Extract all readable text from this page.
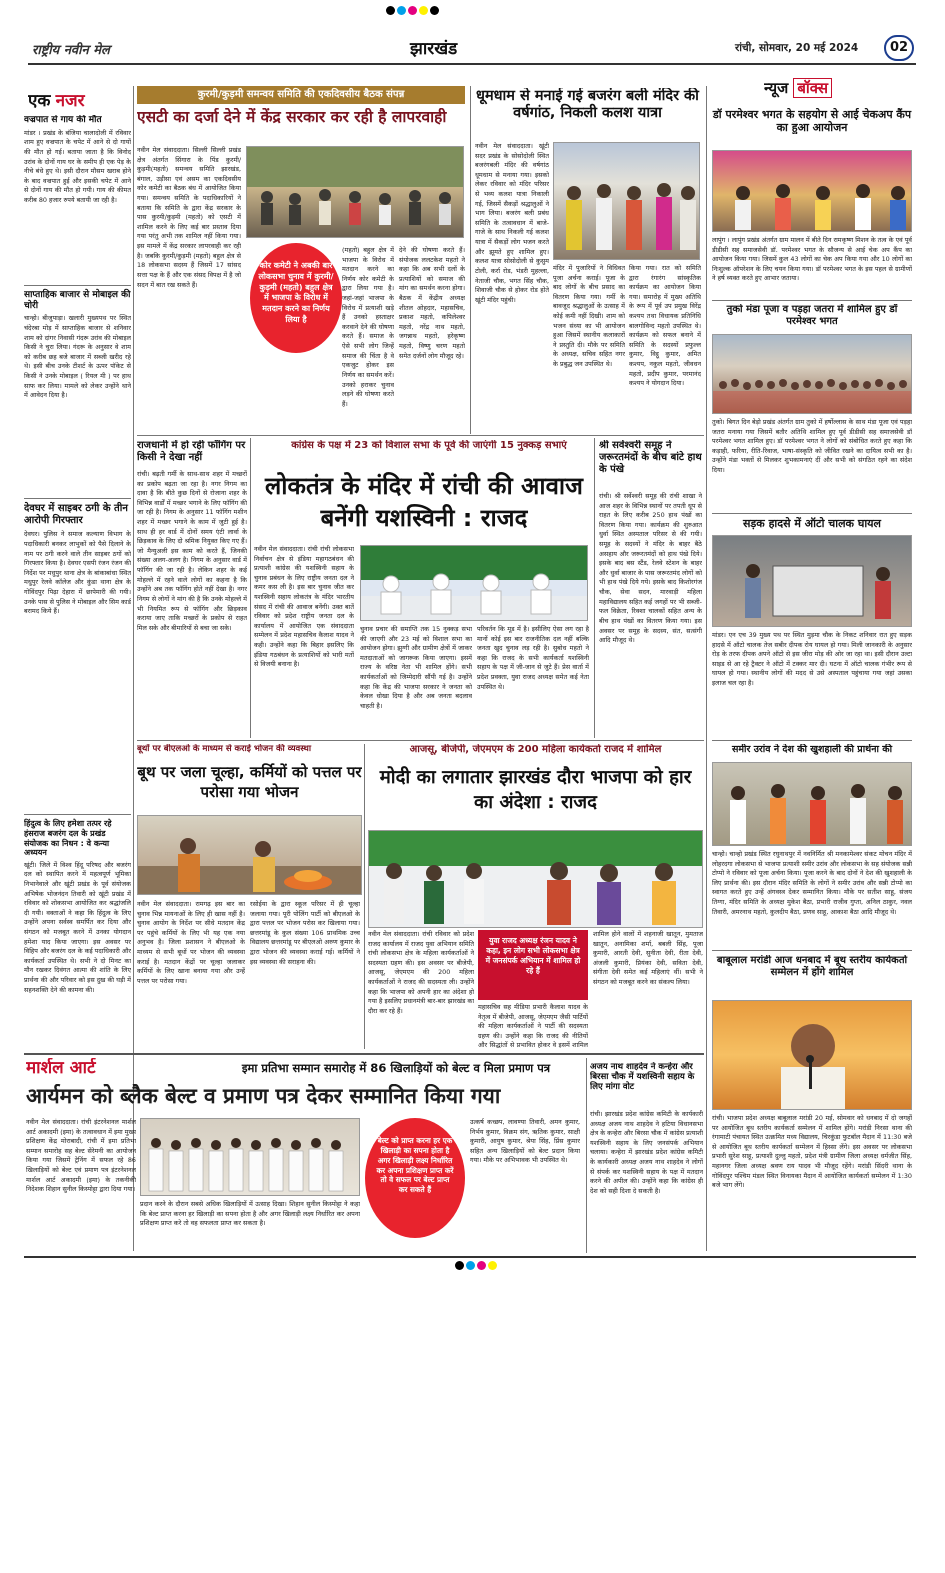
राष्ट्रीय नवीन मेल	झारखंड	रांची, सोमवार, 20 मई 2024	02
एक नजर
वज्रपात से गाय की मौत
मांडर । प्रखंड के बंजिया चालादोली में रविवार शाम हुए वज्रपात के चपेट में आने से दो गायों की मौत हो गई। बताया जाता है कि विनोद उरांव के दोनों गाय घर के समीप ही एक पेड़ के नीचे बंधे हुए थे। इसी दौरान मौसम खराब होने के बाद वज्रपात हुई और इसकी चपेट में आने से दोनों गाय की मौत हो गयी। गाय की कीमत करीब 80 हजार रुपये बतायी जा रही है।
साप्ताहिक बाजार से मोबाइल की चोरी
चान्हो। बीजुपाड़ा। खलारी मुख्यपथ पर स्थित चंदेरबा मोड़ में साप्ताहिक बाजार से शनिवार शाम को दांगर निवासी गंदरू उरांव की मोबाइल किसी ने चुरा लिया। गंदरू के अनुसार वे शाम को करीब छह बजे बाजार में सब्जी खरीद रहे थे। इसी बीच उनके टीशर्ट के ऊपर पॉकेट से किसी ने उनके मोबाइल ( रियल मी ) पर हाथ साफ कर लिया। मामले को लेकर उन्होंने थाने में आवेदन दिया है।
देवघर में साइबर ठगी के तीन आरोपी गिरफ्तार
देवघर। पुलिस ने समाज कल्याण विभाग के पदाधिकारी बनकर लाभुकों को पैसे दिलाने के नाम पर ठगी करने वाले तीन साइबर ठगों को गिरफ्तार किया है। देवघर एसपी रंजन रंजन की निर्देश पर मधुपुर थाना क्षेत्र के बांकाबांधा स्थित मधुपुर रेलवे कॉलेज और कुंडा थाना क्षेत्र के गोविंदपुर पिढ़ा देहारा में छापेमारी की गयी। उनके पास से पुलिस ने मोबाइल और सिम कार्ड बरामद किये हैं।
हिंदुत्व के लिए हमेशा तत्पर रहे हंसराज बजरंग दल के प्रखंड संयोजक का निधन : वे कन्या अध्ययन
खूंटी। जिले में विश्व हिंदू परिषद और बजरंग दल को स्थापित करने में महत्वपूर्ण भूमिका निभानेवाले और खूंटी प्रखंड के पूर्व संयोजक अभिषेक भोजनंदन तिवारी को खूंटी प्रखंड में रविवार को शोकसभा आयोजित कर श्रद्धांजलि दी गयी। वक्ताओं ने कहा कि हिंदुत्व के लिए उन्होंने अपना सर्वस्व समर्पित कर दिया और संगठन को मजबूत करने में उनका योगदान हमेशा याद किया जाएगा। इस अवसर पर विहिप और बजरंग दल के कई पदाधिकारी और कार्यकर्ता उपस्थित थे। सभी ने दो मिनट का मौन रखकर दिवंगत आत्मा की शांति के लिए प्रार्थना की और परिवार को इस दुख की घड़ी में सहनशक्ति देने की कामना की।
कुरमी/कुड़मी समन्वय समिति की एकदिवसीय बैठक संपन्न
एसटी का दर्जा देने में केंद्र सरकार कर रही है लापरवाही
नवीन मेल संवाददाता। सिल्ली सिल्ली प्रखंड क्षेत्र अंतर्गत सिंगारा के पिंड कुरमी/कुड़मी(महतो) समन्वय समिति झारखंड, बंगाल, उड़ीसा एवं असम का एकदिवसीय कोर कमेटी का बैठक बंध में आयोजित किया गया। समन्वय समिति के पदाधिकारियों ने बताया कि समिति के द्वारा केंद्र सरकार के पास कुरमी/कुड़मी (महतो) को एसटी में शामिल करने के लिए कई बार प्रस्ताव दिया गया परंतु अभी तक शामिल नहीं किया गया। इस मामले में केंद्र सरकार लापरवाही कर रही है। जबकि कुरमी/कुड़मी (महतो) बहुल क्षेत्र से 18 लोकसभा सदस्य हैं जिसमें 17 सांसद सत्ता पक्ष के हैं और एक संसद विपक्ष में है जो सदन में बात रख सकते हैं।
कोर कमेटी ने अबकी बार लोकसभा चुनाव में कुरमी/कुड़मी (महतो) बहुल क्षेत्र में भाजपा के विरोध में मतदान करने का निर्णय लिया है
(महतो) बहुल क्षेत्र में भाजपा के विरोध में मतदान करने का निर्णय कोर कमेटी के द्वारा लिया गया है। जहां-जहां भाजपा के विरोध में प्रत्याशी खड़े हैं उनको हस्ताक्षर करवाने देने की घोषणा करते हैं। समाज के ऐसे सभी लोग जिन्हें समाज की चिंता है वे एकजुट होकर इस निर्णय का समर्थन करें। उनको हराकर चुनाव लड़ने की घोषणा करते हैं।
देने की घोषणा करते हैं। संयोजक ललटकेश महतो ने कहा कि अब सभी दलों के प्रत्याशियों को समाज की मांग का समर्थन करना होगा। बैठक में केंद्रीय अध्यक्ष शीतल ओहदार, महासचिव, प्रकाश महतो, कपिलेश्वर महतो, नरेंद्र नाथ महतो, जगन्नाथ महतो, हरेकृष्ण महतो, विष्णु चरण महतो समेत दर्जनों लोग मौजूद रहे।
धूमधाम से मनाई गई बजरंग बली मंदिर की वर्षगांठ, निकली कलश यात्रा
नवीन मेल संवाददाता। खूंटी सदर प्रखंड के सोसोदोली स्थित बजरंगबली मंदिर की वर्षगांठ धूमधाम से मनाया गया। इसको लेकर रविवार को मंदिर परिसर से भव्य कलश यात्रा निकाली गई, जिसमें सैकड़ों श्रद्धालुओं ने भाग लिया। बजरंग बली प्रबंध समिति के तत्वावधान में बाजे-गाजे के साथ निकली गई कलश यात्रा में सैकड़ों लोग भजन करते और झूमते हुए शामिल हुए। कलश यात्रा सोसोदोली से कुसुम टोली, कर्रा रोड, भंडरी मुहल्ला, नेताजी चौक, भगत सिंह चौक, शिवाजी चौक से होकर रोड होते खूंटी मंदिर पहुंची।
मंदिर में पुजारियों ने विधिवत पूजा अर्चना कराई। पूजा के बाद लोगों के बीच प्रसाद का वितरण किया गया। गर्मी के बावजूद श्रद्धालुओं के उत्साह में कोई कमी नहीं दिखी। शाम को भजन संध्या का भी आयोजन हुआ जिसमें स्थानीय कलाकारों ने प्रस्तुति दी। मौके पर समिति के अध्यक्ष, सचिव सहित नगर के प्रबुद्ध जन उपस्थित थे।
किया गया। रात को समिति द्वारा रंगारंग सांस्कृतिक कार्यक्रम का आयोजन किया गया। समारोह में मुख्य अतिथि के रूप में पूर्व उप प्रमुख विरेंद्र कश्यप तथा विधायक प्रतिनिधि बालगोविन्द महतो उपस्थित थे। कार्यक्रम को सफल बनाने में समिति के सदस्यों प्रफुल्ल कुमार, विट्ठू कुमार, अमित कश्यप, नकुल महतो, जीवधन महतो, प्रदीप कुमार, परमानंद कश्यप ने योगदान दिया।
राजधानी में हो रही फॉगिंग पर किसी ने देखा नहीं
रांची। बढ़ती गर्मी के साथ-साथ शहर में मच्छरों का प्रकोप बढ़ता जा रहा है। नगर निगम का दावा है कि बीते कुछ दिनों से रोजाना शहर के विभिन्न वार्डों में मच्छर भगाने के लिए फॉगिंग की जा रही है। निगम के अनुसार 11 फॉगिंग मशीन शहर में मच्छर भगाने के काम में जुटी हुई है। साथ ही हर वार्ड में दोनों समय एंटी लार्वा के छिड़काव के लिए दो श्रमिक नियुक्त किए गए हैं। जो मैन्युअली इस काम को करते हैं, जिनकी संख्या अलग-अलग है। निगम के अनुसार वार्ड में फॉगिंग की जा रही है। लेकिन शहर के कई मोहल्ले में रहने वाले लोगों का कहना है कि उन्होंने अब तक फॉगिंग होते नहीं देखा है। नगर निगम से लोगों ने मांग की है कि उनके मोहल्ले में भी नियमित रूप से फॉगिंग और छिड़काव कराया जाए ताकि मच्छरों के प्रकोप से राहत मिल सके और बीमारियों से बचा जा सके।
कांग्रेस के पक्ष में 23 को विशाल सभा के पूर्व की जाएंगी 15 नुक्कड़ सभाएं
लोकतंत्र के मंदिर में रांची की आवाज बनेंगी यशस्विनी : राजद
नवीन मेल संवाददाता। रांची रांची लोकसभा निर्वाचन क्षेत्र से इंडिया महागठबंधन की प्रत्याशी कांग्रेस की यशस्विनी सहाय के चुनाव प्रबंधन के लिए राष्ट्रीय जनता दल ने कमर कस ली है। इस बार चुनाव जीत कर यशस्विनी सहाय लोकतंत्र के मंदिर भारतीय संसद में रांची की आवाज बनेंगी। उक्त बातें रविवार को प्रदेश राष्ट्रीय जनता दल के कार्यालय में आयोजित एक संवाददाता सम्मेलन में प्रदेश महासचिव कैलाश यादव ने कही। उन्होंने कहा कि बिहार इसलिए कि इंडिया गठबंधन के प्रत्याशियों को भारी मतों से विजयी बनाना है।
चुनाव प्रचार की समाप्ति तक 15 नुक्कड़ सभा की जाएगी और 23 मई को विशाल सभा का आयोजन होगा। झुग्गी और ग्रामीण क्षेत्रों में जाकर मतदाताओं को जागरूक किया जाएगा। इसमें राज्य के वरिष्ठ नेता भी शामिल होंगे। सभी कार्यकर्ताओं को जिम्मेदारी सौंपी गई है। उन्होंने कहा कि केंद्र की भाजपा सरकार ने जनता को केवल धोखा दिया है और अब जनता बदलाव चाहती है।
परिवर्तन कि मूड में है। इसीलिए ऐसा लग रहा है मानों कोई इस बार राजनीतिक दल नहीं बल्कि जनता खुद चुनाव लड़ रही है। सुबोध महतो ने कहा कि राजद के सभी कार्यकर्ता यशस्विनी सहाय के पक्ष में जी-जान से जुटे हैं। प्रेस वार्ता में प्रदेश प्रवक्ता, युवा राजद अध्यक्ष समेत कई नेता उपस्थित थे।
श्री सर्वेश्वरी समूह ने जरूरतमंदों के बीच बांटे हाथ के पंखे
रांची। श्री सर्वेश्वरी समूह की रांची शाखा ने आज शहर के विभिन्न स्थानों पर तपती धूप से राहत के लिए करीब 250 हाथ पंखों का वितरण किया गया। कार्यक्रम की शुरुआत धुर्वा स्थित अस्पताल परिसर से की गयी। समूह के सदस्यों ने मंदिर के बाहर बैठे असहाय और जरूरतमंदों को हाथ पंखे दिये। इसके बाद बस स्टैंड, रेलवे स्टेशन के बाहर और धुर्वा बाजार के पास जरूरतमंद लोगों को भी हाथ पंखे दिये गये। इसके बाद किशोरगंज चौक, सेवा सदन, मारवाड़ी महिला महाविद्यालय सहित कई जगहों पर भी सब्जी-फल विक्रेता, रिक्शा चालकों सहित अन्य के बीच हाथ पंखों का वितरण किया गया। इस अवसर पर समूह के सदस्य, संत, सत्संगी आदि मौजूद थे।
बूथों पर बीएलओ के माध्यम से कराई भोजन की व्यवस्था
बूथ पर जला चूल्हा, कर्मियों को पत्तल पर परोसा गया भोजन
नवीन मेल संवाददाता। रामगढ़ इस बार का चुनाव भिन्न मायनाओं के लिए ही खास नहीं है। चुनाव आयोग के निर्देश पर सीधे मतदान केंद्र पर पहुंचे कर्मियों के लिए भी यह एक नया अनुभव है। जिला प्रशासन ने बीएलओ के माध्यम से सभी बूथों पर भोजन की व्यवस्था कराई है। मतदान केंद्रों पर चूल्हा जलाकर कर्मियों के लिए खाना बनाया गया और उन्हें पत्तल पर परोसा गया।
रसोईया के द्वारा स्कूल परिसर में ही चूल्हा जलाया गया। पूरी पोलिंग पार्टी को बीएलओ के द्वारा पत्तल पर भोजन परोस कर खिलाया गया। छत्तरमांडू के कुल संख्या 106 प्राथमिक उच्च विद्यालय छत्तरमांडू पर बीएलओ अरुण कुमार के द्वारा भोजन की व्यवस्था कराई गई। कर्मियों ने इस व्यवस्था की सराहना की।
आजसू, बीजेपी, जेएमएम के 200 महिला कार्यकर्ता राजद में शामिल
मोदी का लगातार झारखंड दौरा भाजपा को हार का अंदेशा : राजद
युवा राजद अध्यक्ष रंजन यादव ने कहा, इन लोग सभी लोकसभा क्षेत्र में जनसंपर्क अभियान में शामिल हो रहे हैं
नवीन मेल संवाददाता। रांची रविवार को प्रदेश राजद कार्यालय में राजद युवा अभियान समिति रांची लोकसभा क्षेत्र के महिला कार्यकर्ताओं ने सदस्यता ग्रहण की। इस अवसर पर बीजेपी, आजसू, जेएमएम की 200 महिला कार्यकर्ताओं ने राजद की सदस्यता ली। उन्होंने कहा कि भाजपा को अपनी हार का अंदेशा हो गया है इसलिए प्रधानमंत्री बार-बार झारखंड का दौरा कर रहे हैं।	महासचिव सह मीडिया प्रभारी कैलाश यादव के नेतृत्व में बीजेपी, आजसू, जेएमएम जैसी पार्टियों की महिला कार्यकर्ताओं ने पार्टी की सदस्यता ग्रहण की। उन्होंने कहा कि राजद की नीतियों और सिद्धांतों से प्रभावित होकर वे इसमें शामिल
शामिल होने वालों में शहनाजी खातून, मुमताज खातून, अनामिका शर्मा, बबली सिंह, पूजा कुमारी, आरती देवी, सुनीता देवी, रीता देवी, अंजली कुमारी, प्रियंका देवी, सविता देवी, संगीता देवी समेत कई महिलाएं थीं। सभी ने संगठन को मजबूत करने का संकल्प लिया।
मार्शल आर्ट	इमा प्रतिभा सम्मान समारोह में 86 खिलाड़ियों को बेल्ट व मिला प्रमाण पत्र
आर्यमन को ब्लैक बेल्ट व प्रमाण पत्र देकर सम्मानित किया गया
नवीन मेल संवाददाता। रांची इंटरनेशनल मार्शल आर्ट अकादमी (इमा) के तत्वावधान में इमा मुख्य प्रशिक्षण केंद्र मोराबादी, रांची में इमा प्रतिभा सम्मान समारोह सह बेल्ट सेरेमनी का आयोजन किया गया जिसमें ट्रेनिंग में सफल रहे 86 खिलाड़ियों को बेल्ट एवं प्रमाण पत्र इंटरनेशनल मार्शल आर्ट अकादमी (इमा) के तकनीकी निदेशक शिहान सुनील किस्पोट्टा द्वारा दिया गया।
बेल्ट को प्राप्त करना हर एक खिलाड़ी का सपना होता है अगर खिलाड़ी लक्ष्य निर्धारित कर अपना प्रशिक्षण प्राप्त करें तो वे सफल पर बेल्ट प्राप्त कर सकते हैं
प्रदान करने के दौरान सबसे अधिक खिलाड़ियों में उत्साह दिखा। शिहान सुनील किस्पोट्टा ने कहा कि बेल्ट प्राप्त करना हर खिलाड़ी का सपना होता है और अगर खिलाड़ी लक्ष्य निर्धारित कर अपना प्रशिक्षण प्राप्त करे तो वह सफलता प्राप्त कर सकता है।
उत्कर्ष कच्छप, लावण्या तिवारी, अमन कुमार, निर्भय कुमार, विक्रम संग, ऋतिक कुमार, साक्षी कुमारी, आयुष कुमार, श्रेया सिंह, प्रिंस कुमार सहित अन्य खिलाड़ियों को बेल्ट प्रदान किया गया। मौके पर अभिभावक भी उपस्थित थे।
अजय नाथ शाहदेव ने कन्हेरा और बिरसा चौक में यशस्विनी सहाय के लिए मांगा वोट
रांची। झारखंड प्रदेश कांग्रेस कमिटी के कार्यकारी अध्यक्ष अजय नाथ शाहदेव ने हटिया विधानसभा क्षेत्र के कन्हेरा और बिरसा चौक में कांग्रेस प्रत्याशी यशस्विनी सहाय के लिए जनसंपर्क अभियान चलाया। कन्हेरा में झारखंड प्रदेश कांग्रेस कमिटी के कार्यकारी अध्यक्ष अजय नाथ शाहदेव ने लोगों से संपर्क कर यशस्विनी सहाय के पक्ष में मतदान करने की अपील की। उन्होंने कहा कि कांग्रेस ही देश को सही दिशा दे सकती है।
न्यूज बॉक्स
डॉ परमेश्वर भगत के सहयोग से आई चेकअप कैंप का हुआ आयोजन
लापुंग । लापुंग प्रखंड अंतर्गत ग्राम मालन में बीते दिन रामकृष्ण मिशन के तत्व के एवं पूर्व डीडीसी सह समाजसेवी डॉ. परमेश्वर भगत के सौजन्य से आई चेक अप कैंप का आयोजन किया गया। जिसमें कुल 43 लोगों का चेक अप किया गया और 10 लोगों का निःशुल्क ऑपरेशन के लिए चयन किया गया। डॉ परमेश्वर भगत के इस पहल से ग्रामीणों ने हर्ष व्यक्त करते हुए आभार जताया।
तुको मंडा पूजा व पड़हा जतरा में शामिल हुए डॉ परमेश्वर भगत
तुको। बिगत दिन बेड़ो प्रखंड अंतर्गत ग्राम तुको में हर्षोल्लास के साथ मंडा पूजा एवं पड़हा जतरा मनाया गया जिसमें बतौर अतिथि शामिल हुए पूर्व डीडीसी सह समाजसेवी डॉ परमेश्वर भगत शामिल हुए। डॉ परमेश्वर भगत ने लोगों को संबोधित करते हुए कहा कि कड़ाही, फरिया, रीति-रिवाज, भाषा-संस्कृति को जीवित रखने का दायित्व सभी का है। उन्होंने मंडा भक्तों से मिलकर शुभकामनाएं दीं और सभी को संगठित रहने का संदेश दिया।
सड़क हादसे में ऑटो चालक घायल
मांडर। एन एच 39 मुख्य पथ पर स्थित मुड़मा चौक के निकट शनिवार रात हुए सड़क हादसे में ऑटो चालक तेज सबीर दीपक रोय घायल हो गया। मिली जानकारी के अनुसार रोड़ के तरफ दीपक अपने ऑटो से इस जीरा मोड़ की ओर जा रहा था। इसी दौरान उल्टा साइड से आ रहे ट्रैक्टर ने ऑटो में टक्कर मार दी। घटना में ऑटो चालक गंभीर रूप से घायल हो गया। स्थानीय लोगों की मदद से उसे अस्पताल पहुंचाया गया जहां उसका इलाज चल रहा है।
समीर उरांव ने देश की खुशहाली की प्रार्थना की
चान्हो। चान्हो प्रखंड स्थित रघुनाथपुर में नवनिर्मित श्री मनकामेश्वर संकट मोचन मंदिर में लोहरदगा लोकसभा से भाजपा प्रत्याशी समीर उरांव और लोकसभा के सह संयोजक सन्नी टोप्पो ने रविवार को पूजा अर्चना किया। पूजा करने के बाद दोनों ने देश की खुशहाली के लिए प्रार्थना की। इस दौरान मंदिर समिति के लोगों ने समीर उरांव और सन्नी टोप्पो का स्वागत करते हुए उन्हें अंगवस्त्र देकर सम्मानित किया। मौके पर सतीश साहू, संजय तिग्गा, मंदिर समिति के अध्यक्ष मुकेश बैठा, प्रभारी राजीव गुप्ता, अनिल ठाकुर, नवल तिवारी, अमरनाथ महतो, कुलदीप बैठा, प्रणव साहू, आकाश बैठा आदि मौजूद थे।
बाबूलाल मरांडी आज धनबाद में बूथ स्तरीय कार्यकर्ता सम्मेलन में होंगे शामिल
रांची। भाजपा प्रदेश अध्यक्ष बाबूलाल मरांडी 20 मई, सोमवार को धनबाद में दो जगहों पर आयोजित बूथ स्तरीय कार्यकर्ता सम्मेलन में शामिल होंगे। मरांडी निरसा थाना की रंगामाटी पंचायत स्थित उत्क्रमित मध्य विद्यालय, चिरकुंडा फुटबॉल मैदान में 11:30 बजे से आयोजित बूथ स्तरीय कार्यकर्ता सम्मेलन में हिस्सा लेंगे। इस अवसर पर लोकसभा प्रभारी सुरेश साहू, प्रत्याशी दुल्लु महतो, प्रदेश मंत्री ग्रामीण जिला अध्यक्ष धर्मजीत सिंह, महानगर जिला अध्यक्ष श्रवण राय यादव भी मौजूद रहेंगे। मरांडी सिंदरी थाना के गोविंदपुर पश्चिम मंडल स्थित विनायका मैदान में आयोजित कार्यकर्ता सम्मेलन में 1:30 बजे भाग लेंगे।
